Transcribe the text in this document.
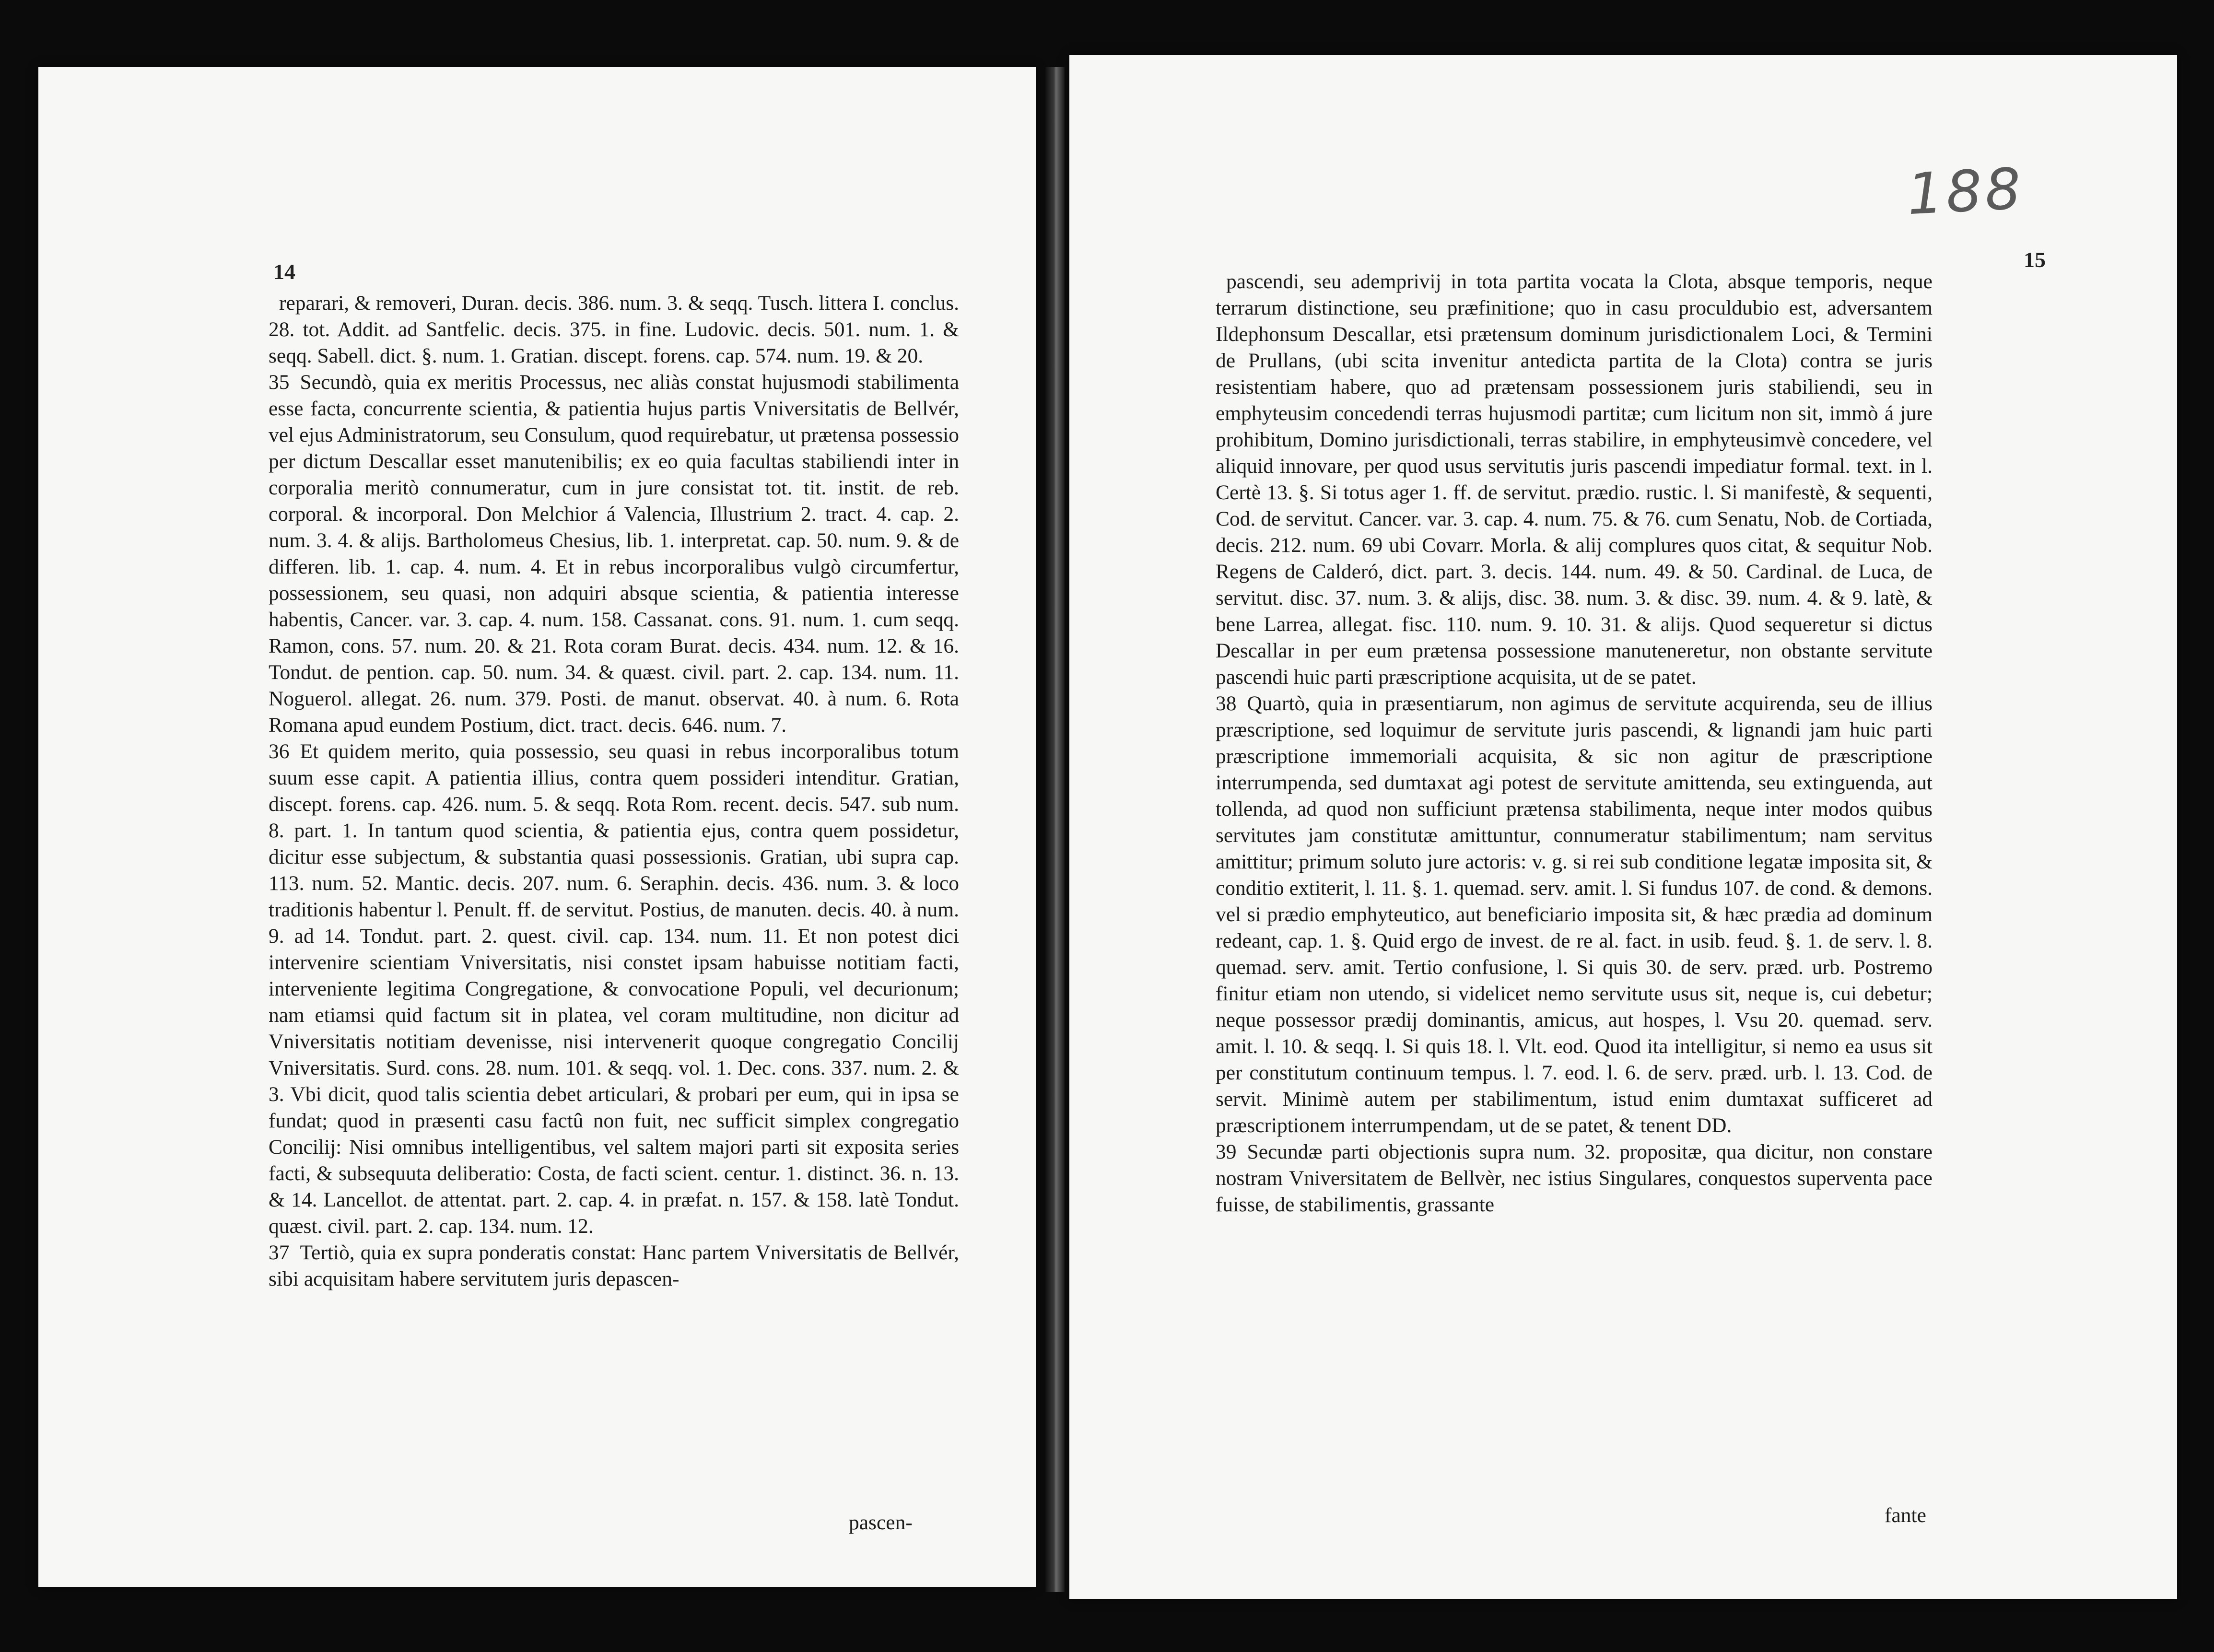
14

reparari, & removeri, Duran. decis. 386. num. 3. & seqq. Tusch. littera I. conclus. 28. tot. Addit. ad Santfelic. decis. 375. in fine. Ludovic. decis. 501. num. 1. & seqq. Sabell. dict. §. num. 1. Gratian. discept. forens. cap. 574. num. 19. & 20.

35 Secundò, quia ex meritis Processus, nec aliàs constat hujusmodi stabilimenta esse facta, concurrente scientia, & patientia hujus partis Vniversitatis de Bellvér, vel ejus Administratorum, seu Consulum, quod requirebatur, ut prætensa possessio per dictum Descallar esset manutenibilis; ex eo quia facultas stabiliendi inter in corporalia meritò connumeratur, cum in jure consistat tot. tit. instit. de reb. corporal. & incorporal. Don Melchior á Valencia, Illustrium 2. tract. 4. cap. 2. num. 3. 4. & alijs. Bartholomeus Chesius, lib. 1. interpretat. cap. 50. num. 9. & de differen. lib. 1. cap. 4. num. 4. Et in rebus incorporalibus vulgò circumfertur, possessionem, seu quasi, non adquiri absque scientia, & patientia interesse habentis, Cancer. var. 3. cap. 4. num. 158. Cassanat. cons. 91. num. 1. cum seqq. Ramon, cons. 57. num. 20. & 21. Rota coram Burat. decis. 434. num. 12. & 16. Tondut. de pention. cap. 50. num. 34. & quæst. civil. part. 2. cap. 134. num. 11. Noguerol. allegat. 26. num. 379. Posti. de manut. observat. 40. à num. 6. Rota Romana apud eundem Postium, dict. tract. decis. 646. num. 7.

36 Et quidem merito, quia possessio, seu quasi in rebus incorporalibus totum suum esse capit. A patientia illius, contra quem possideri intenditur. Gratian, discept. forens. cap. 426. num. 5. & seqq. Rota Rom. recent. decis. 547. sub num. 8. part. 1. In tantum quod scientia, & patientia ejus, contra quem possidetur, dicitur esse subjectum, & substantia quasi possessionis. Gratian, ubi supra cap. 113. num. 52. Mantic. decis. 207. num. 6. Seraphin. decis. 436. num. 3. & loco traditionis habentur l. Penult. ff. de servitut. Postius, de manuten. decis. 40. à num. 9. ad 14. Tondut. part. 2. quest. civil. cap. 134. num. 11. Et non potest dici intervenire scientiam Vniversitatis, nisi constet ipsam habuisse notitiam facti, interveniente legitima Congregatione, & convocatione Populi, vel decurionum; nam etiamsi quid factum sit in platea, vel coram multitudine, non dicitur ad Vniversitatis notitiam devenisse, nisi intervenerit quoque congregatio Concilij Vniversitatis. Surd. cons. 28. num. 101. & seqq. vol. 1. Dec. cons. 337. num. 2. & 3. Vbi dicit, quod talis scientia debet articulari, & probari per eum, qui in ipsa se fundat; quod in præsenti casu factû non fuit, nec sufficit simplex congregatio Concilij: Nisi omnibus intelligentibus, vel saltem majori parti sit exposita series facti, & subsequuta deliberatio: Costa, de facti scient. centur. 1. distinct. 36. n. 13. & 14. Lancellot. de attentat. part. 2. cap. 4. in præfat. n. 157. & 158. latè Tondut. quæst. civil. part. 2. cap. 134. num. 12.

37 Tertiò, quia ex supra ponderatis constat: Hanc partem Vniversitatis de Bellvér, sibi acquisitam habere servitutem juris depascen-

pascen-
188
15

pascendi, seu ademprivij in tota partita vocata la Clota, absque temporis, neque terrarum distinctione, seu præfinitione; quo in casu proculdubio est, adversantem Ildephonsum Descallar, etsi prætensum dominum jurisdictionalem Loci, & Termini de Prullans, (ubi scita invenitur antedicta partita de la Clota) contra se juris resistentiam habere, quo ad prætensam possessionem juris stabiliendi, seu in emphyteusim concedendi terras hujusmodi partitæ; cum licitum non sit, immò á jure prohibitum, Domino jurisdictionali, terras stabilire, in emphyteusimvè concedere, vel aliquid innovare, per quod usus servitutis juris pascendi impediatur formal. text. in l. Certè 13. §. Si totus ager 1. ff. de servitut. prædio. rustic. l. Si manifestè, & sequenti, Cod. de servitut. Cancer. var. 3. cap. 4. num. 75. & 76. cum Senatu, Nob. de Cortiada, decis. 212. num. 69 ubi Covarr. Morla. & alij complures quos citat, & sequitur Nob. Regens de Calderó, dict. part. 3. decis. 144. num. 49. & 50. Cardinal. de Luca, de servitut. disc. 37. num. 3. & alijs, disc. 38. num. 3. & disc. 39. num. 4. & 9. latè, & bene Larrea, allegat. fisc. 110. num. 9. 10. 31. & alijs. Quod sequeretur si dictus Descallar in per eum prætensa possessione manuteneretur, non obstante servitute pascendi huic parti præscriptione acquisita, ut de se patet.

38 Quartò, quia in præsentiarum, non agimus de servitute acquirenda, seu de illius præscriptione, sed loquimur de servitute juris pascendi, & lignandi jam huic parti præscriptione immemoriali acquisita, & sic non agitur de præscriptione interrumpenda, sed dumtaxat agi potest de servitute amittenda, seu extinguenda, aut tollenda, ad quod non sufficiunt prætensa stabilimenta, neque inter modos quibus servitutes jam constitutæ amittuntur, connumeratur stabilimentum; nam servitus amittitur; primum soluto jure actoris: v. g. si rei sub conditione legatæ imposita sit, & conditio extiterit, l. 11. §. 1. quemad. serv. amit. l. Si fundus 107. de cond. & demons. vel si prædio emphyteutico, aut beneficiario imposita sit, & hæc prædia ad dominum redeant, cap. 1. §. Quid ergo de invest. de re al. fact. in usib. feud. §. 1. de serv. l. 8. quemad. serv. amit. Tertio confusione, l. Si quis 30. de serv. præd. urb. Postremo finitur etiam non utendo, si videlicet nemo servitute usus sit, neque is, cui debetur; neque possessor prædij dominantis, amicus, aut hospes, l. Vsu 20. quemad. serv. amit. l. 10. & seqq. l. Si quis 18. l. Vlt. eod. Quod ita intelligitur, si nemo ea usus sit per constitutum continuum tempus. l. 7. eod. l. 6. de serv. præd. urb. l. 13. Cod. de servit. Minimè autem per stabilimentum, istud enim dumtaxat sufficeret ad præscriptionem interrumpendam, ut de se patet, & tenent DD.

39 Secundæ parti objectionis supra num. 32. propositæ, qua dicitur, non constare nostram Vniversitatem de Bellvèr, nec istius Singulares, conquestos superventa pace fuisse, de stabilimentis, grassante

fante
